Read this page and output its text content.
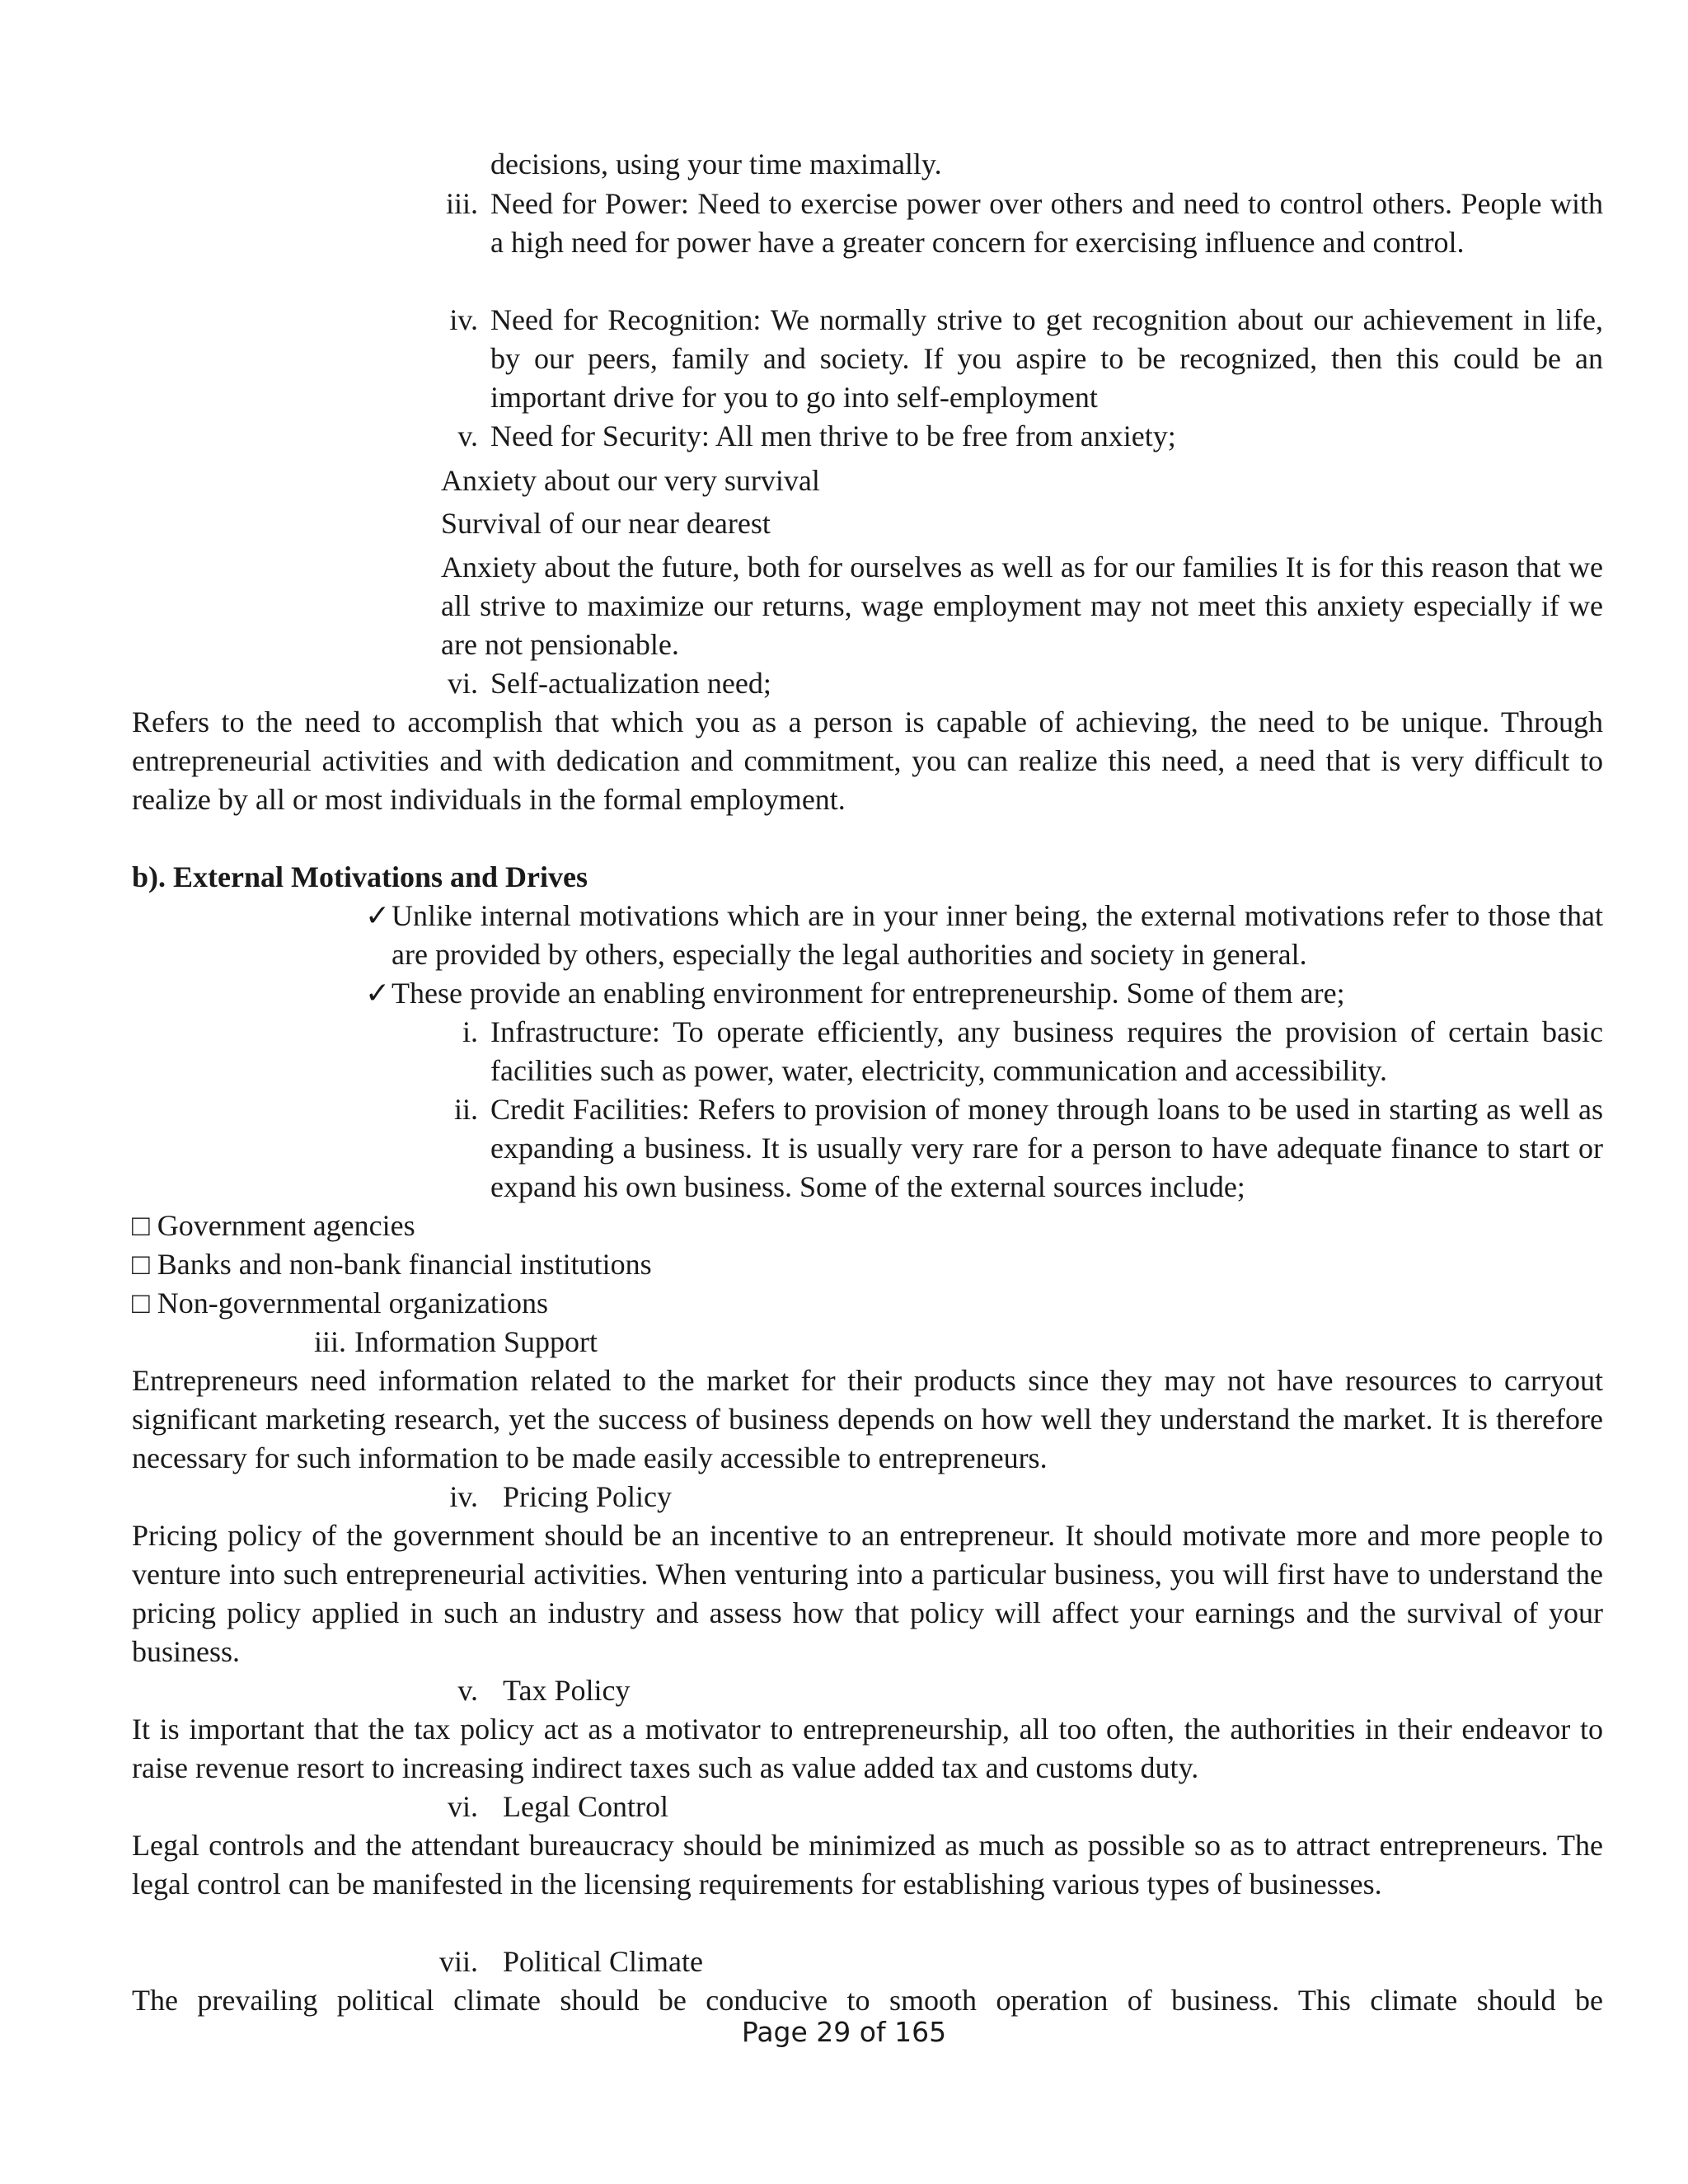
decisions, using your time maximally.
iii. Need for Power: Need to exercise power over others and need to control others. People with a high need for power have a greater concern for exercising influence and control.
iv. Need for Recognition: We normally strive to get recognition about our achievement in life, by our peers, family and society. If you aspire to be recognized, then this could be an important drive for you to go into self-employment
v. Need for Security: All men thrive to be free from anxiety;
Anxiety about our very survival
Survival of our near dearest
Anxiety about the future, both for ourselves as well as for our families It is for this reason that we all strive to maximize our returns, wage employment may not meet this anxiety especially if we are not pensionable.
vi. Self-actualization need;
Refers to the need to accomplish that which you as a person is capable of achieving, the need to be unique. Through entrepreneurial activities and with dedication and commitment, you can realize this need, a need that is very difficult to realize by all or most individuals in the formal employment.
b). External Motivations and Drives
✓ Unlike internal motivations which are in your inner being, the external motivations refer to those that are provided by others, especially the legal authorities and society in general.
✓ These provide an enabling environment for entrepreneurship. Some of them are;
i. Infrastructure: To operate efficiently, any business requires the provision of certain basic facilities such as power, water, electricity, communication and accessibility.
ii. Credit Facilities: Refers to provision of money through loans to be used in starting as well as expanding a business. It is usually very rare for a person to have adequate finance to start or expand his own business. Some of the external sources include;
□ Government agencies
□ Banks and non-bank financial institutions
□ Non-governmental organizations
iii. Information Support
Entrepreneurs need information related to the market for their products since they may not have resources to carryout significant marketing research, yet the success of business depends on how well they understand the market. It is therefore necessary for such information to be made easily accessible to entrepreneurs.
iv. Pricing Policy
Pricing policy of the government should be an incentive to an entrepreneur. It should motivate more and more people to venture into such entrepreneurial activities. When venturing into a particular business, you will first have to understand the pricing policy applied in such an industry and assess how that policy will affect your earnings and the survival of your business.
v. Tax Policy
It is important that the tax policy act as a motivator to entrepreneurship, all too often, the authorities in their endeavor to raise revenue resort to increasing indirect taxes such as value added tax and customs duty.
vi. Legal Control
Legal controls and the attendant bureaucracy should be minimized as much as possible so as to attract entrepreneurs. The legal control can be manifested in the licensing requirements for establishing various types of businesses.
vii. Political Climate
The prevailing political climate should be conducive to smooth operation of business. This climate should be
Page 29 of 165
